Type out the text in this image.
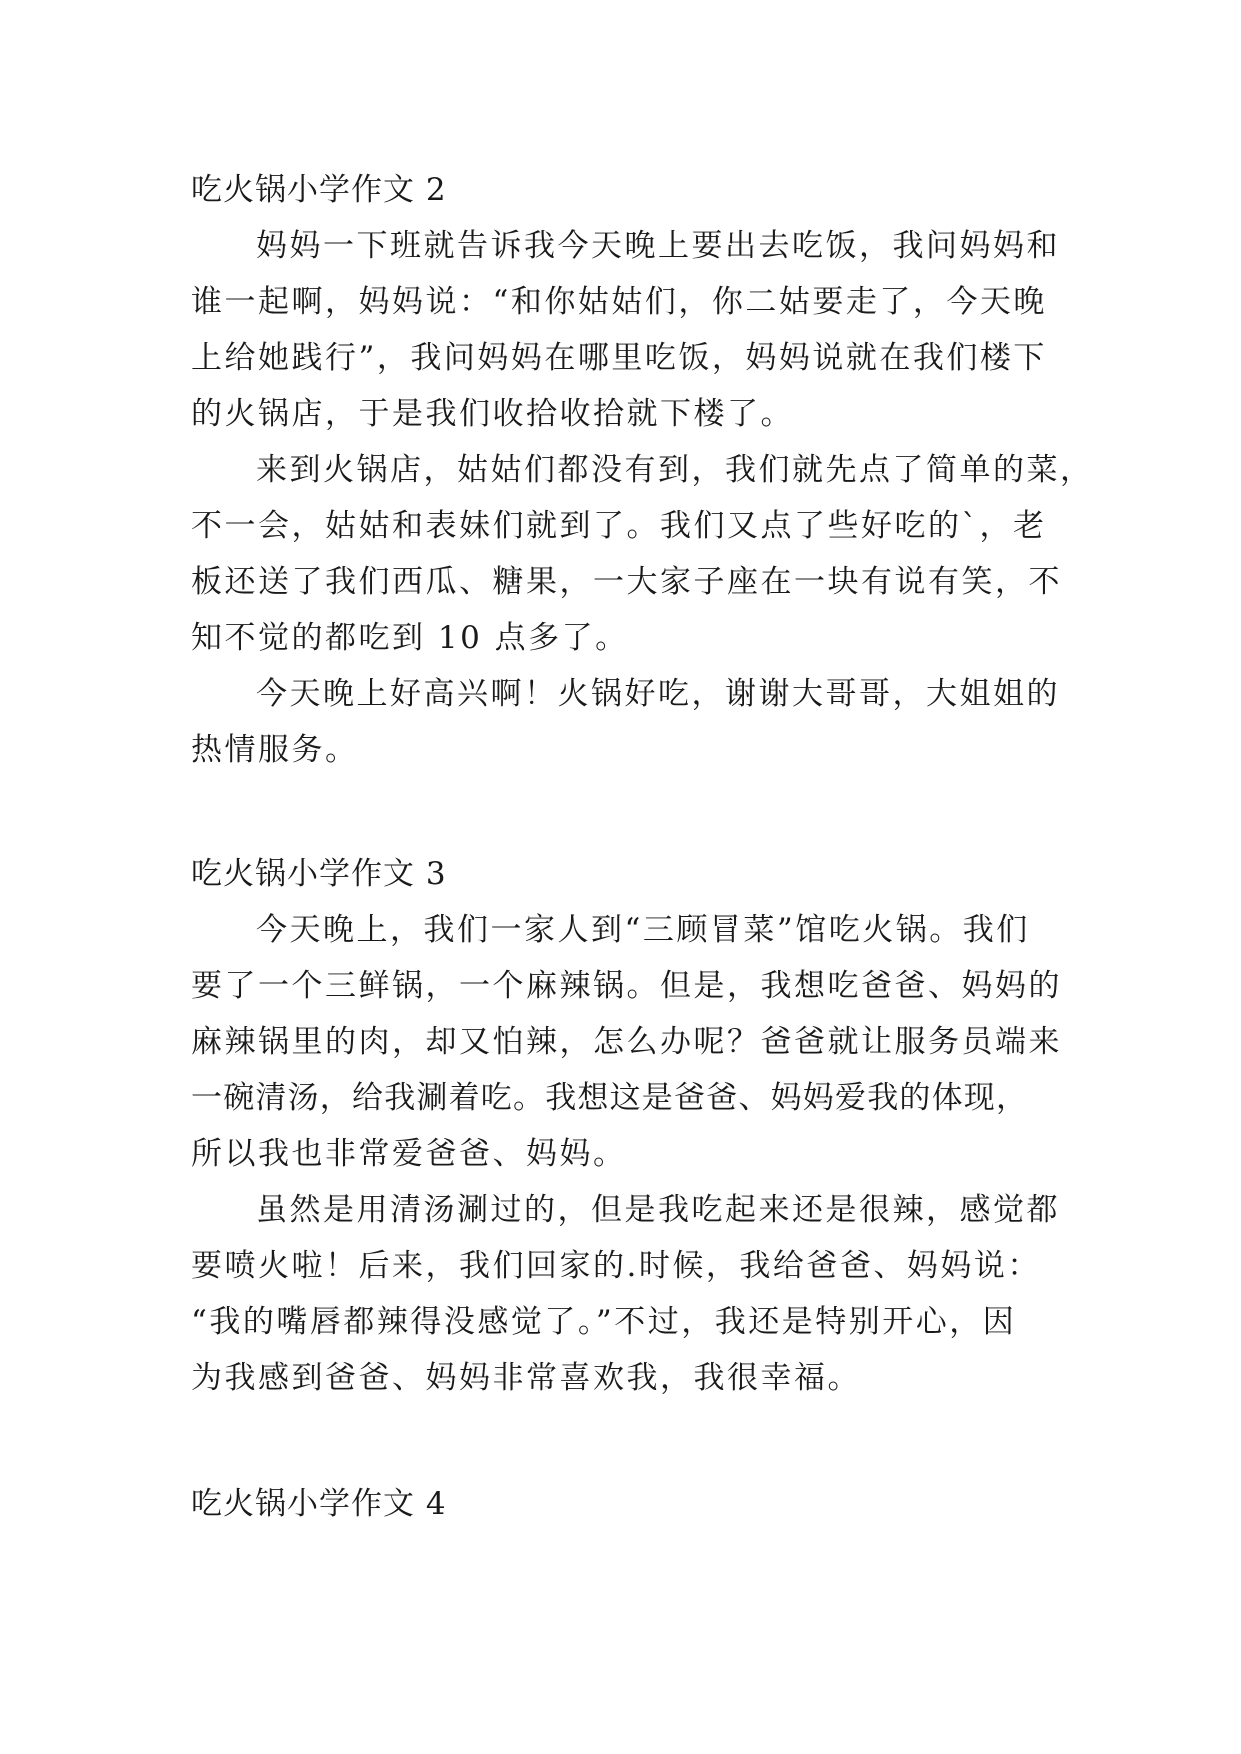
吃火锅小学作文 2
妈妈一下班就告诉我今天晚上要出去吃饭，我问妈妈和
谁一起啊，妈妈说：“和你姑姑们，你二姑要走了，今天晚
上给她践行”，我问妈妈在哪里吃饭，妈妈说就在我们楼下
的火锅店，于是我们收拾收拾就下楼了。
来到火锅店，姑姑们都没有到，我们就先点了简单的菜，
不一会，姑姑和表妹们就到了。我们又点了些好吃的`，老
板还送了我们西瓜、糖果，一大家子座在一块有说有笑，不
知不觉的都吃到 10 点多了。
今天晚上好高兴啊！火锅好吃，谢谢大哥哥，大姐姐的
热情服务。
吃火锅小学作文 3
今天晚上，我们一家人到“三顾冒菜”馆吃火锅。我们
要了一个三鲜锅，一个麻辣锅。但是，我想吃爸爸、妈妈的
麻辣锅里的肉，却又怕辣，怎么办呢？爸爸就让服务员端来
一碗清汤，给我涮着吃。我想这是爸爸、妈妈爱我的体现，
所以我也非常爱爸爸、妈妈。
虽然是用清汤涮过的，但是我吃起来还是很辣，感觉都
要喷火啦！后来，我们回家的.时候，我给爸爸、妈妈说：
“我的嘴唇都辣得没感觉了。”不过，我还是特别开心，因
为我感到爸爸、妈妈非常喜欢我，我很幸福。
吃火锅小学作文 4
